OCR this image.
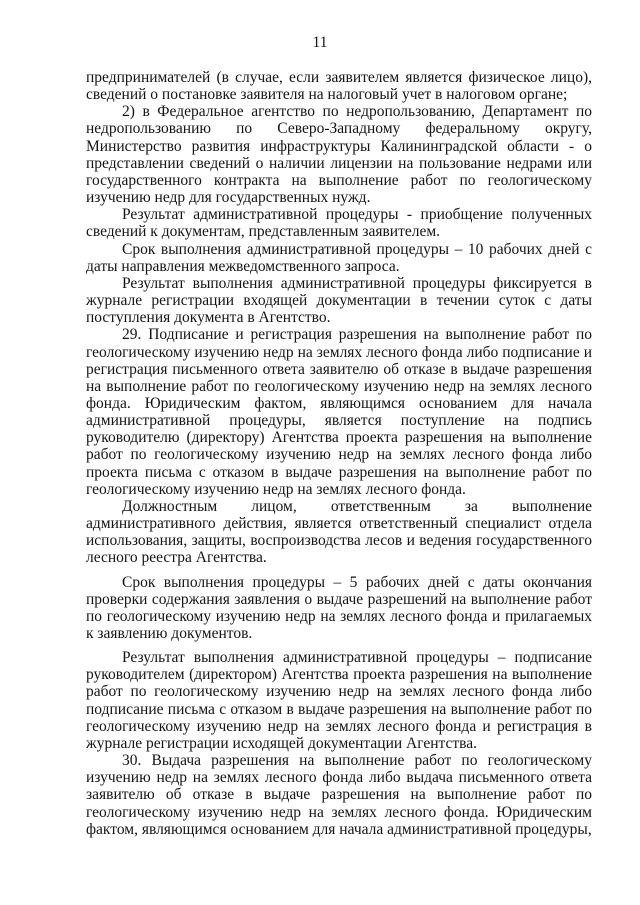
11

предпринимателей (в случае, если заявителем является физическое лицо), сведений о постановке заявителя на налоговый учет в налоговом органе;

2) в Федеральное агентство по недропользованию, Департамент по недропользованию по Северо-Западному федеральному округу, Министерство развития инфраструктуры Калининградской области - о представлении сведений о наличии лицензии на пользование недрами или государственного контракта на выполнение работ по геологическому изучению недр для государственных нужд.

Результат административной процедуры - приобщение полученных сведений к документам, представленным заявителем.

Срок выполнения административной процедуры – 10 рабочих дней с даты направления межведомственного запроса.

Результат выполнения административной процедуры фиксируется в журнале регистрации входящей документации в течении суток с даты поступления документа в Агентство.

29. Подписание и регистрация разрешения на выполнение работ по геологическому изучению недр на землях лесного фонда либо подписание и регистрация письменного ответа заявителю об отказе в выдаче разрешения на выполнение работ по геологическому изучению недр на землях лесного фонда. Юридическим фактом, являющимся основанием для начала административной процедуры, является поступление на подпись руководителю (директору) Агентства проекта разрешения на выполнение работ по геологическому изучению недр на землях лесного фонда либо проекта письма с отказом в выдаче разрешения на выполнение работ по геологическому изучению недр на землях лесного фонда.

Должностным лицом, ответственным за выполнение административного действия, является ответственный специалист отдела использования, защиты, воспроизводства лесов и ведения государственного лесного реестра Агентства.

Срок выполнения процедуры – 5 рабочих дней с даты окончания проверки содержания заявления о выдаче разрешений на выполнение работ по геологическому изучению недр на землях лесного фонда и прилагаемых к заявлению документов.

Результат выполнения административной процедуры – подписание руководителем (директором) Агентства проекта разрешения на выполнение работ по геологическому изучению недр на землях лесного фонда либо подписание письма с отказом в выдаче разрешения на выполнение работ по геологическому изучению недр на землях лесного фонда и регистрация в журнале регистрации исходящей документации Агентства.

30. Выдача разрешения на выполнение работ по геологическому изучению недр на землях лесного фонда либо выдача письменного ответа заявителю об отказе в выдаче разрешения на выполнение работ по геологическому изучению недр на землях лесного фонда. Юридическим фактом, являющимся основанием для начала административной процедуры,
